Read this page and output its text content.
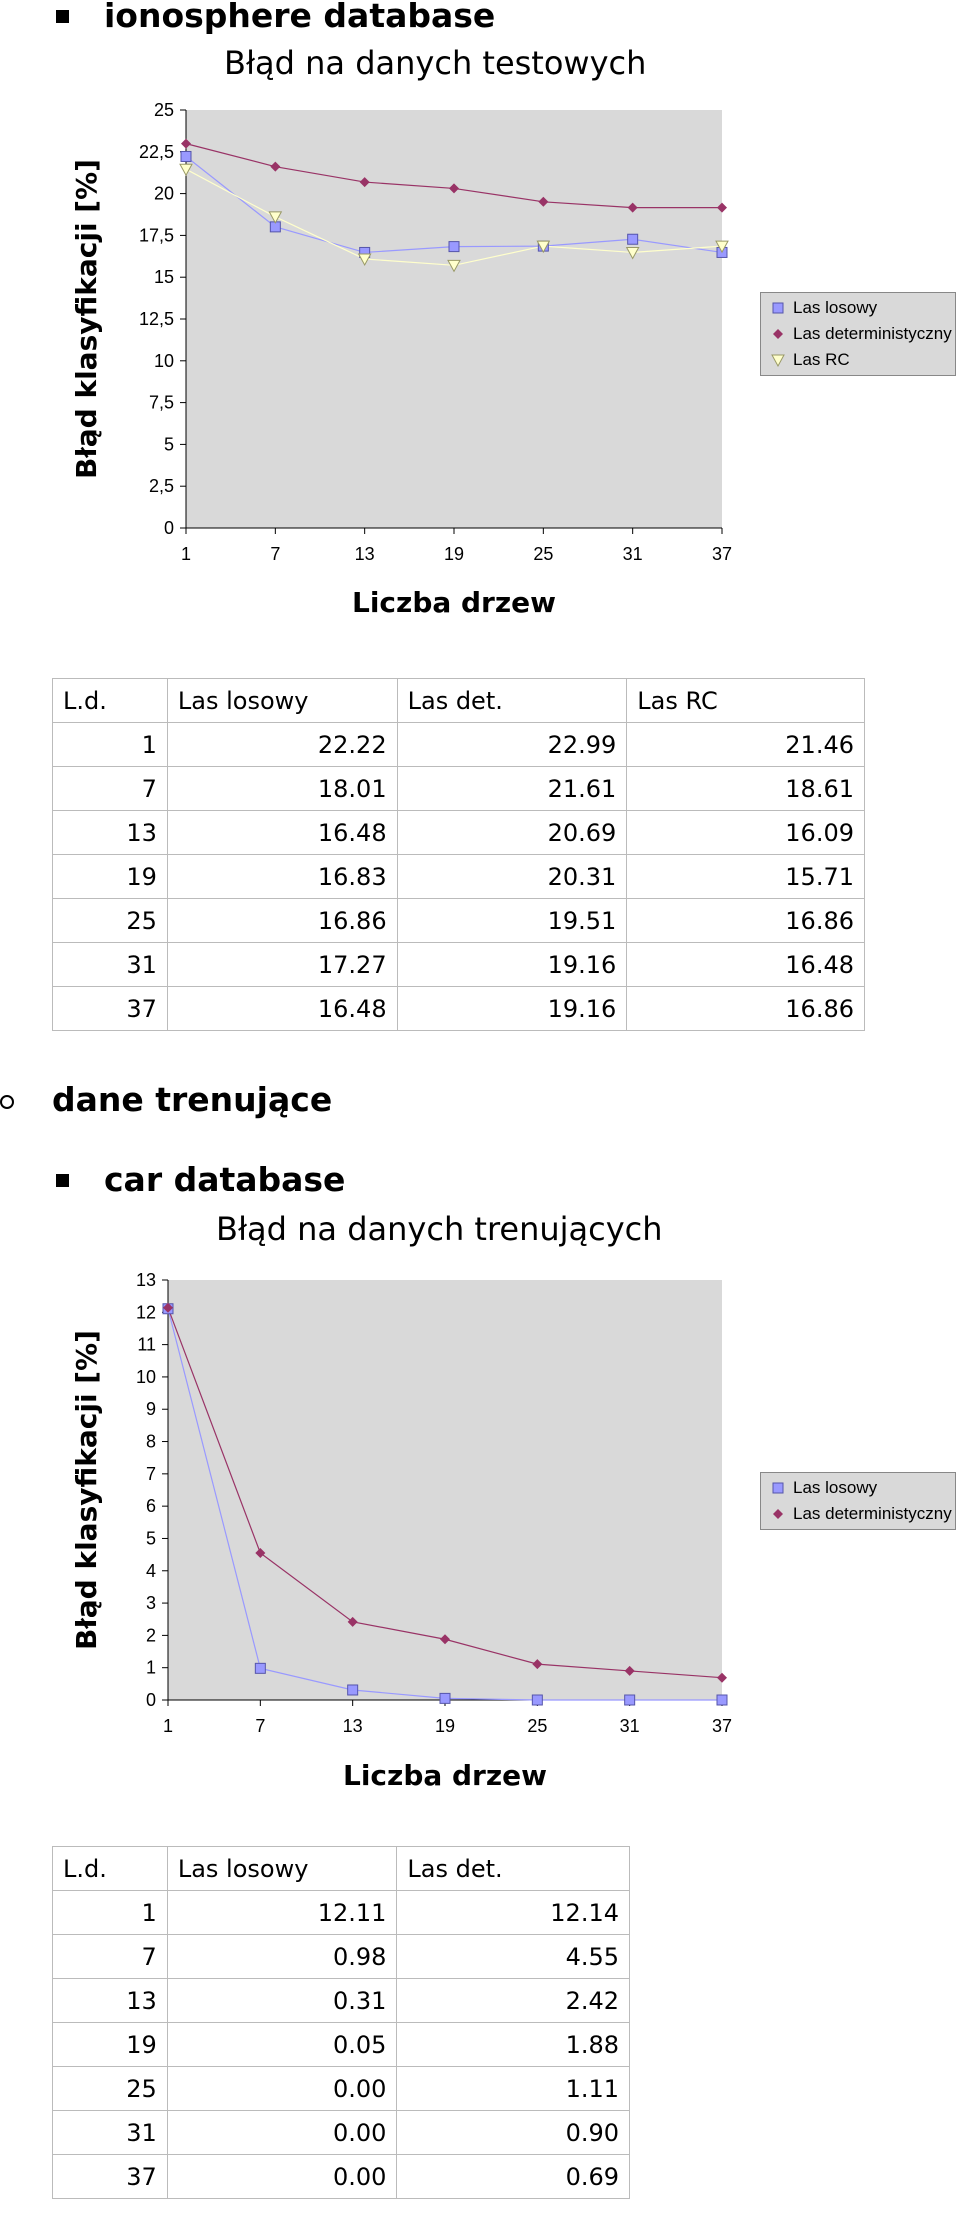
ionosphere database
Błąd na danych testowych
0
2,5
5
7,5
10
12,5
15
17,5
20
22,5
25
1	7	13	19	25	31	37
Liczba drzew
Błąd klasyfikacji [%]	Las losowy
Las deterministyczny
Las RC
L.d.	Las losowy	Las det.	Las RC
1	22.22	22.99	21.46
7	18.01	21.61	18.61
13	16.48	20.69	16.09
19	16.83	20.31	15.71
25	16.86	19.51	16.86
31	17.27	19.16	16.48
37	16.48	19.16	16.86
dane trenujące
car database
Błąd na danych trenujących
0
1
2
3
4
5
6
7
8
9
10
11
12
13
1	7	13	19	25	31	37
Liczba drzew
Błąd klasyfikacji [%]	Las losowy
Las deterministyczny
L.d.	Las losowy	Las det.
1	12.11	12.14
7	0.98	4.55
13	0.31	2.42
19	0.05	1.88
25	0.00	1.11
31	0.00	0.90
37	0.00	0.69
